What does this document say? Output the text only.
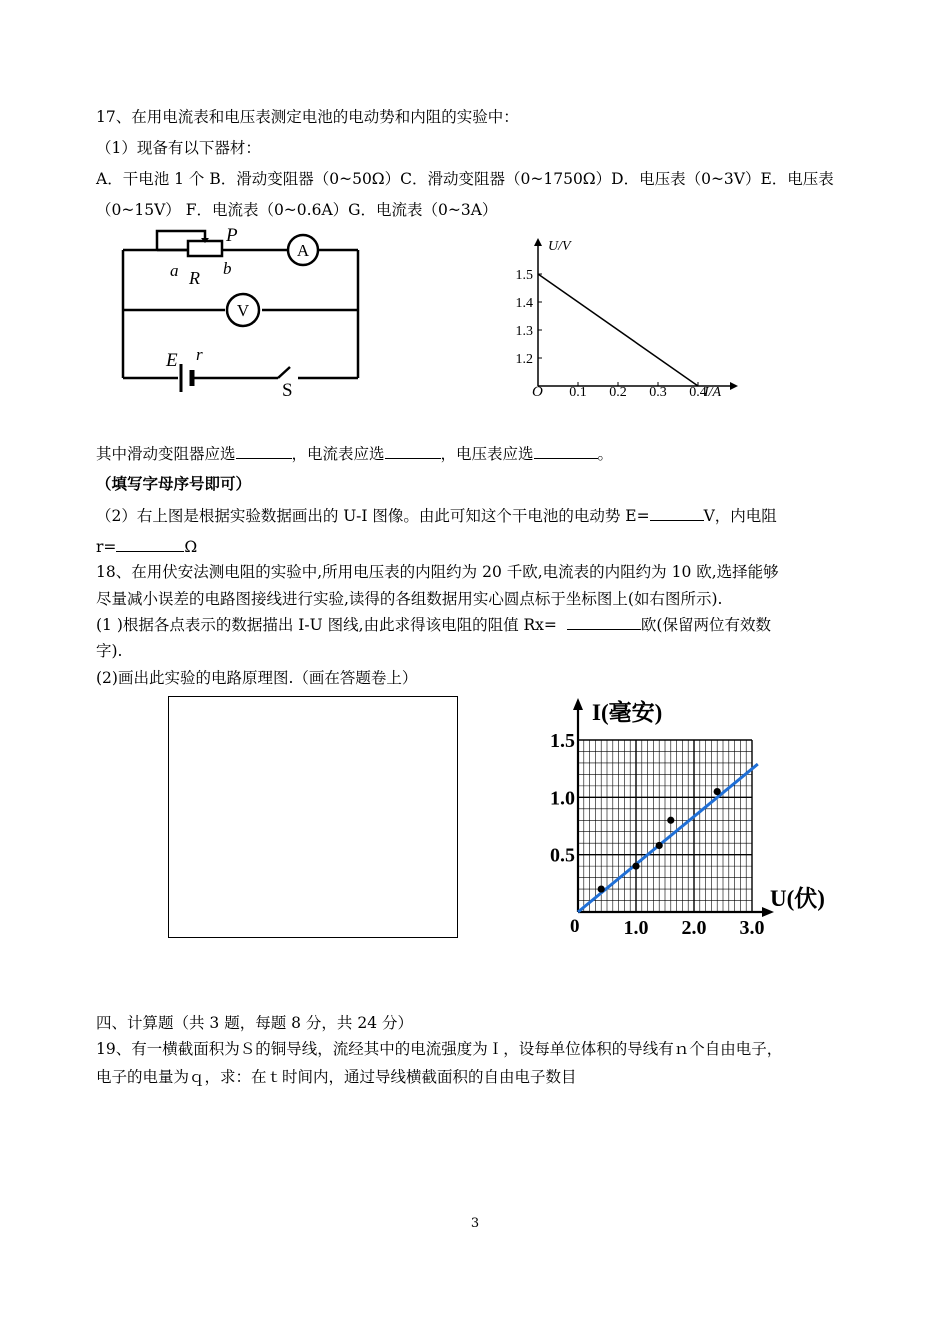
17、在用电流表和电压表测定电池的电动势和内阻的实验中：
（1）现备有以下器材：
A．干电池 1 个 B．滑动变阻器（0~50Ω）C．滑动变阻器（0~1750Ω）D．电压表（0~3V）E．电压表
（0~15V） F．电流表（0~0.6A）G．电流表（0~3A）
A
V
P
a R b
E r
S
U/V
I/A
O 0.1 0.2 0.3 0.4
1.2
1.3
1.4
1.5
其中滑动变阻器应选	，电流表应选	，电压表应选	。
（填写字母序号即可）
（2）右上图是根据实验数据画出的 U-I 图像。由此可知这个干电池的电动势 E=	V，内电阻
r=	Ω
18、在用伏安法测电阻的实验中,所用电压表的内阻约为 20 千欧,电流表的内阻约为 10 欧,选择能够
尽量减小误差的电路图接线进行实验,读得的各组数据用实心圆点标于坐标图上(如右图所示).
(1 )根据各点表示的数据描出 I-U 图线,由此求得该电阻的阻值 Rx=	欧(保留两位有效数
字).
(2)画出此实验的电路原理图.（画在答题卷上）
I(毫安)
U(伏)
0 1.0 2.0 3.0
0.5
1.0
1.5
四、计算题（共 3 题，每题 8 分，共 24 分）
19、有一横截面积为Ｓ的铜导线，流经其中的电流强度为Ｉ，设每单位体积的导线有ｎ个自由电子，
电子的电量为ｑ，求：在ｔ时间内，通过导线横截面积的自由电子数目
3
